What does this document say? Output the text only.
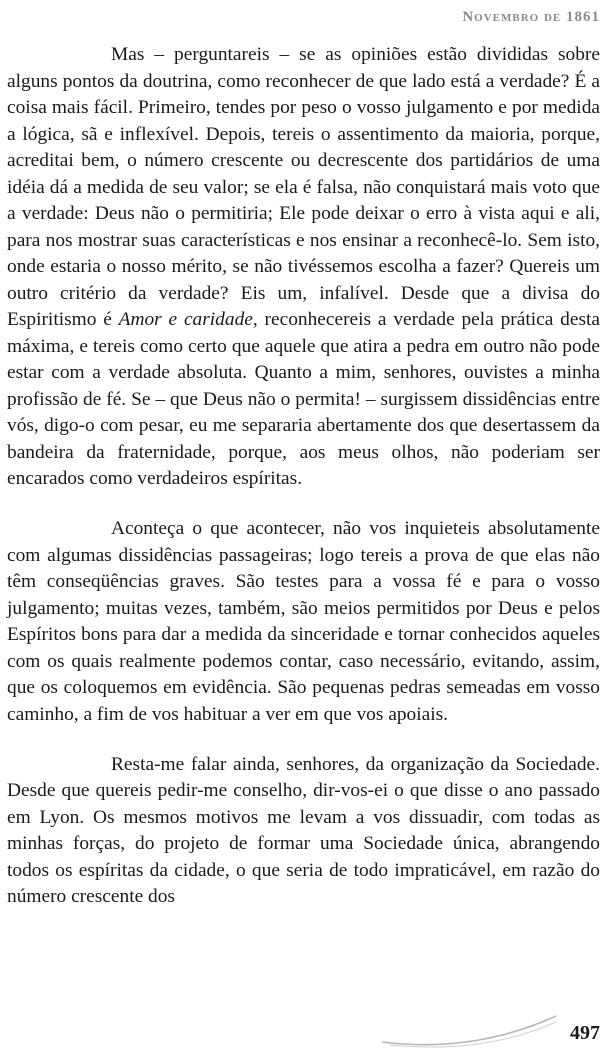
Novembro de 1861

Mas – perguntareis – se as opiniões estão divididas sobre alguns pontos da doutrina, como reconhecer de que lado está a verdade? É a coisa mais fácil. Primeiro, tendes por peso o vosso julgamento e por medida a lógica, sã e inflexível. Depois, tereis o assentimento da maioria, porque, acreditai bem, o número crescente ou decrescente dos partidários de uma idéia dá a medida de seu valor; se ela é falsa, não conquistará mais voto que a verdade: Deus não o permitiria; Ele pode deixar o erro à vista aqui e ali, para nos mostrar suas características e nos ensinar a reconhecê-lo. Sem isto, onde estaria o nosso mérito, se não tivéssemos escolha a fazer? Quereis um outro critério da verdade? Eis um, infalível. Desde que a divisa do Espiritismo é Amor e caridade, reconhecereis a verdade pela prática desta máxima, e tereis como certo que aquele que atira a pedra em outro não pode estar com a verdade absoluta. Quanto a mim, senhores, ouvistes a minha profissão de fé. Se – que Deus não o permita! – surgissem dissidências entre vós, digo-o com pesar, eu me separaria abertamente dos que desertassem da bandeira da fraternidade, porque, aos meus olhos, não poderiam ser encarados como verdadeiros espíritas.

Aconteça o que acontecer, não vos inquieteis absolutamente com algumas dissidências passageiras; logo tereis a prova de que elas não têm conseqüências graves. São testes para a vossa fé e para o vosso julgamento; muitas vezes, também, são meios permitidos por Deus e pelos Espíritos bons para dar a medida da sinceridade e tornar conhecidos aqueles com os quais realmente podemos contar, caso necessário, evitando, assim, que os coloquemos em evidência. São pequenas pedras semeadas em vosso caminho, a fim de vos habituar a ver em que vos apoiais.

Resta-me falar ainda, senhores, da organização da Sociedade. Desde que quereis pedir-me conselho, dir-vos-ei o que disse o ano passado em Lyon. Os mesmos motivos me levam a vos dissuadir, com todas as minhas forças, do projeto de formar uma Sociedade única, abrangendo todos os espíritas da cidade, o que seria de todo impraticável, em razão do número crescente dos

497
